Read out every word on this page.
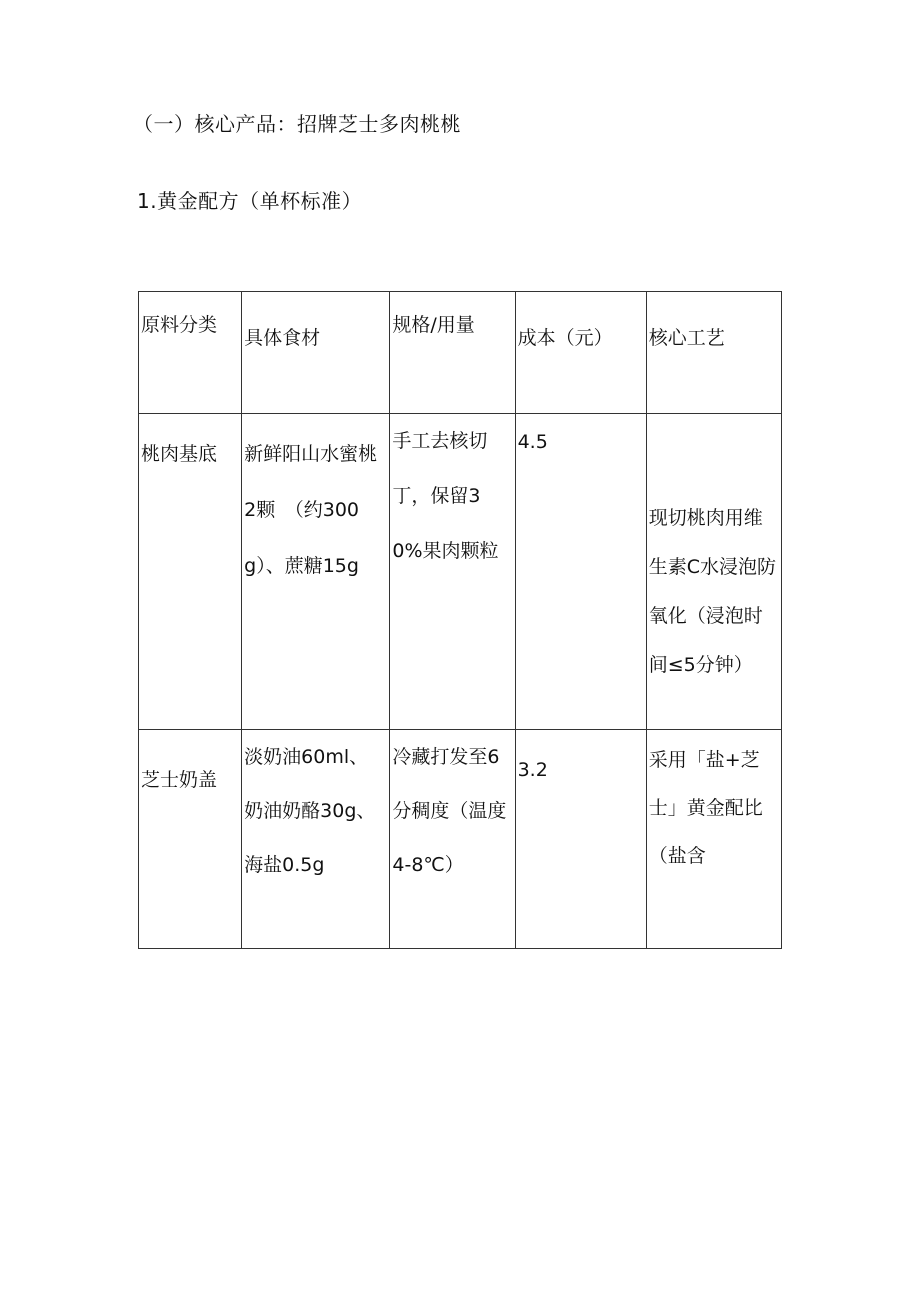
（一）核心产品：招牌芝士多肉桃桃
1.黄金配方（单杯标准）
原料分类	具体食材	规格/用量	成本（元）	核心工艺

桃肉基底	新鲜阳山水蜜桃2颗　（约300g）、蔗糖15g	手工去核切丁，保留30%果肉颗粒	4.5	现切桃肉用维生素C水浸泡防氧化（浸泡时间≤5分钟）

芝士奶盖	淡奶油60ml、奶油奶酪30g、海盐0.5g	冷藏打发至6分稠度（温度4-8℃）	3.2	采用「盐+芝士」黄金配比（盐含
